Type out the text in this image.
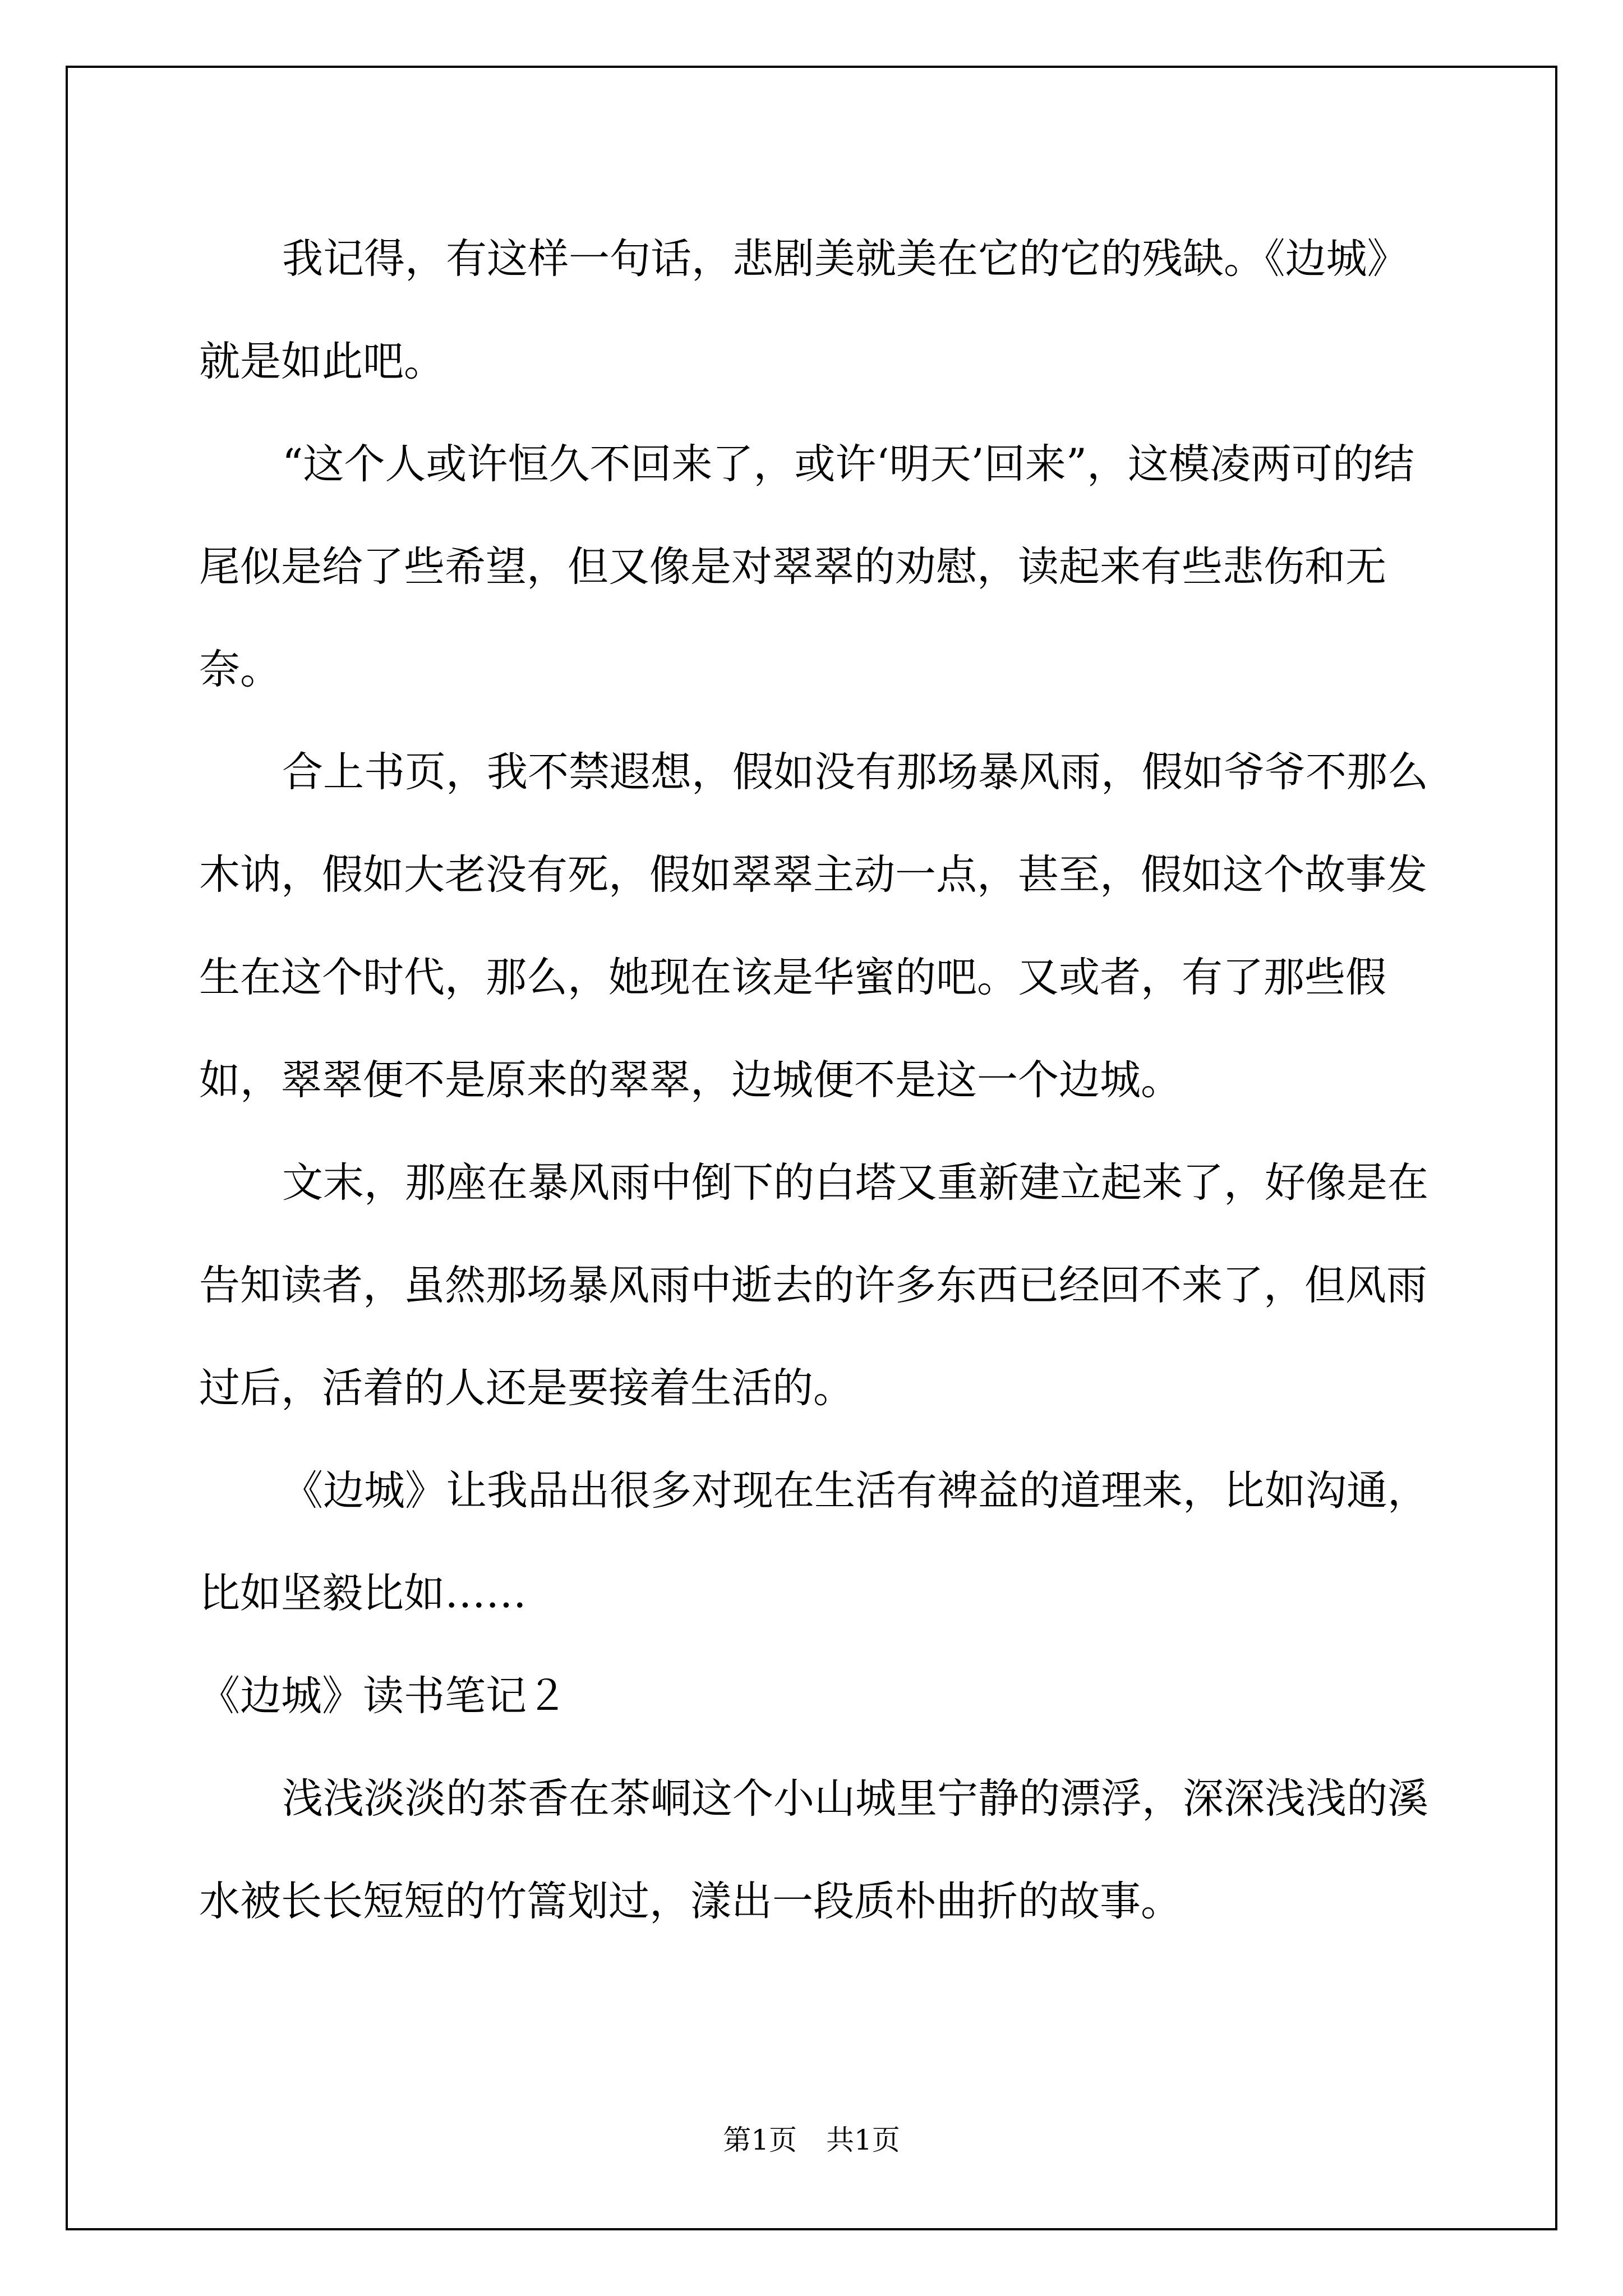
我记得，有这样一句话，悲剧美就美在它的它的残缺。《边城》就是如此吧。

“这个人或许恒久不回来了，或许‘明天’回来”，这模凌两可的结尾似是给了些希望，但又像是对翠翠的劝慰，读起来有些悲伤和无奈。

合上书页，我不禁遐想，假如没有那场暴风雨，假如爷爷不那么木讷，假如大老没有死，假如翠翠主动一点，甚至，假如这个故事发生在这个时代，那么，她现在该是华蜜的吧。又或者，有了那些假如，翠翠便不是原来的翠翠，边城便不是这一个边城。

文末，那座在暴风雨中倒下的白塔又重新建立起来了，好像是在告知读者，虽然那场暴风雨中逝去的许多东西已经回不来了，但风雨过后，活着的人还是要接着生活的。

《边城》让我品出很多对现在生活有裨益的道理来，比如沟通，比如坚毅比如……

《边城》读书笔记２

浅浅淡淡的茶香在茶峒这个小山城里宁静的漂浮，深深浅浅的溪水被长长短短的竹篙划过，漾出一段质朴曲折的故事。

第1页 共1页
